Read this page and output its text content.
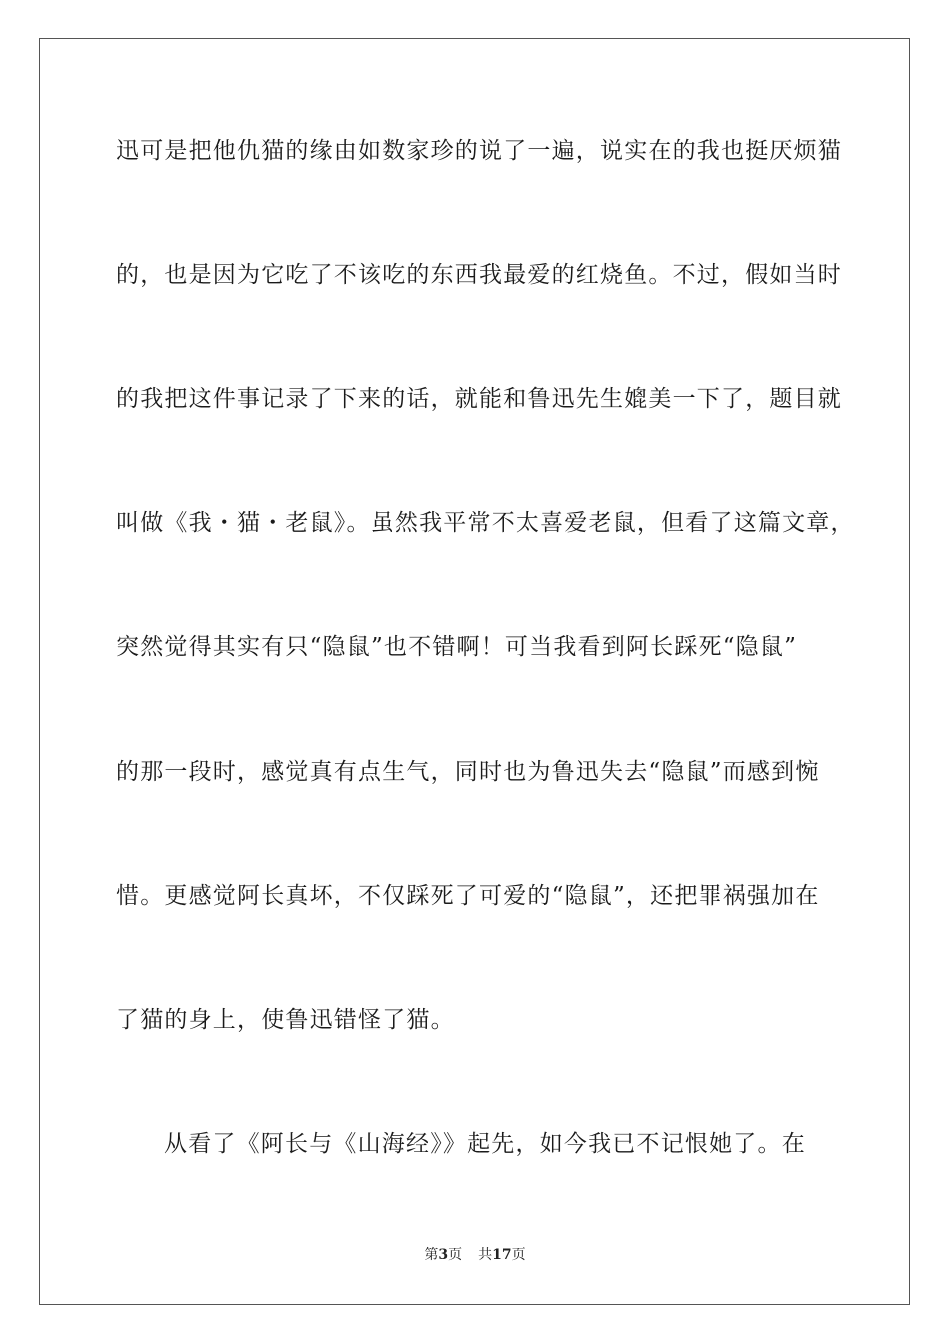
迅可是把他仇猫的缘由如数家珍的说了一遍，说实在的我也挺厌烦猫
的，也是因为它吃了不该吃的东西我最爱的红烧鱼。不过，假如当时
的我把这件事记录了下来的话，就能和鲁迅先生媲美一下了，题目就
叫做《我・猫・老鼠》。虽然我平常不太喜爱老鼠，但看了这篇文章，
突然觉得其实有只“隐鼠”也不错啊！可当我看到阿长踩死“隐鼠”
的那一段时，感觉真有点生气，同时也为鲁迅失去“隐鼠”而感到惋
惜。更感觉阿长真坏，不仅踩死了可爱的“隐鼠”，还把罪祸强加在
了猫的身上，使鲁迅错怪了猫。
从看了《阿长与《山海经》》起先，如今我已不记恨她了。在
第3页 共17页
